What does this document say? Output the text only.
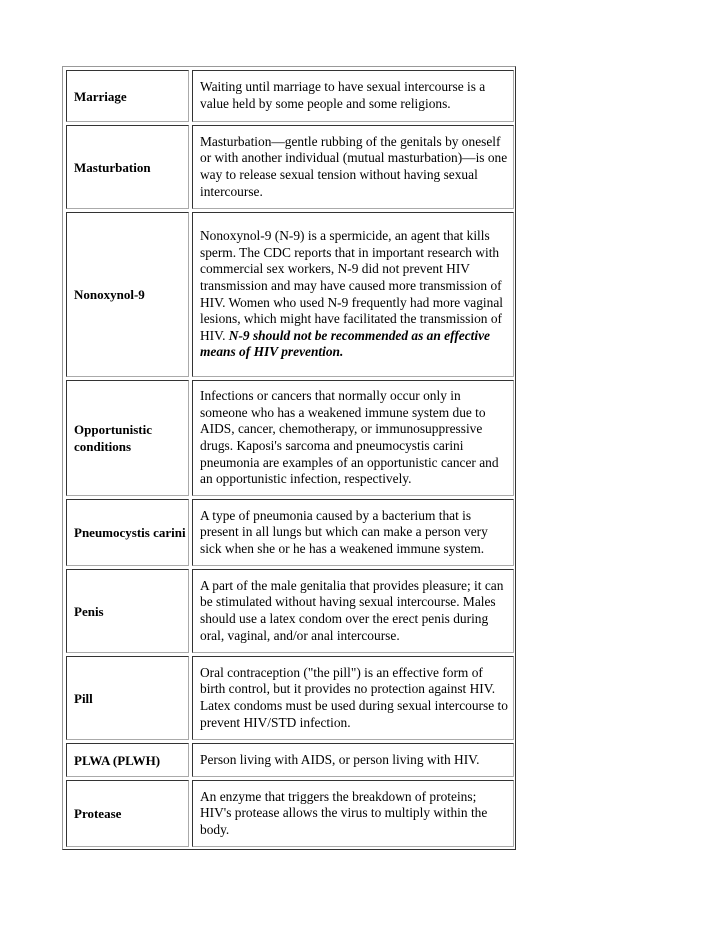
Marriage
Waiting until marriage to have sexual intercourse is a value held by some people and some religions.
Masturbation
Masturbation—gentle rubbing of the genitals by oneself or with another individual (mutual masturbation)—is one way to release sexual tension without having sexual intercourse.
Nonoxynol-9
Nonoxynol-9 (N-9) is a spermicide, an agent that kills sperm. The CDC reports that in important research with commercial sex workers, N-9 did not prevent HIV transmission and may have caused more transmission of HIV. Women who used N-9 frequently had more vaginal lesions, which might have facilitated the transmission of HIV. N-9 should not be recommended as an effective means of HIV prevention.
Opportunistic conditions
Infections or cancers that normally occur only in someone who has a weakened immune system due to AIDS, cancer, chemotherapy, or immunosuppressive drugs. Kaposi's sarcoma and pneumocystis carini pneumonia are examples of an opportunistic cancer and an opportunistic infection, respectively.
Pneumocystis carini
A type of pneumonia caused by a bacterium that is present in all lungs but which can make a person very sick when she or he has a weakened immune system.
Penis
A part of the male genitalia that provides pleasure; it can be stimulated without having sexual intercourse. Males should use a latex condom over the erect penis during oral, vaginal, and/or anal intercourse.
Pill
Oral contraception ("the pill") is an effective form of birth control, but it provides no protection against HIV. Latex condoms must be used during sexual intercourse to prevent HIV/STD infection.
PLWA (PLWH)	Person living with AIDS, or person living with HIV.
Protease
An enzyme that triggers the breakdown of proteins; HIV's protease allows the virus to multiply within the body.
